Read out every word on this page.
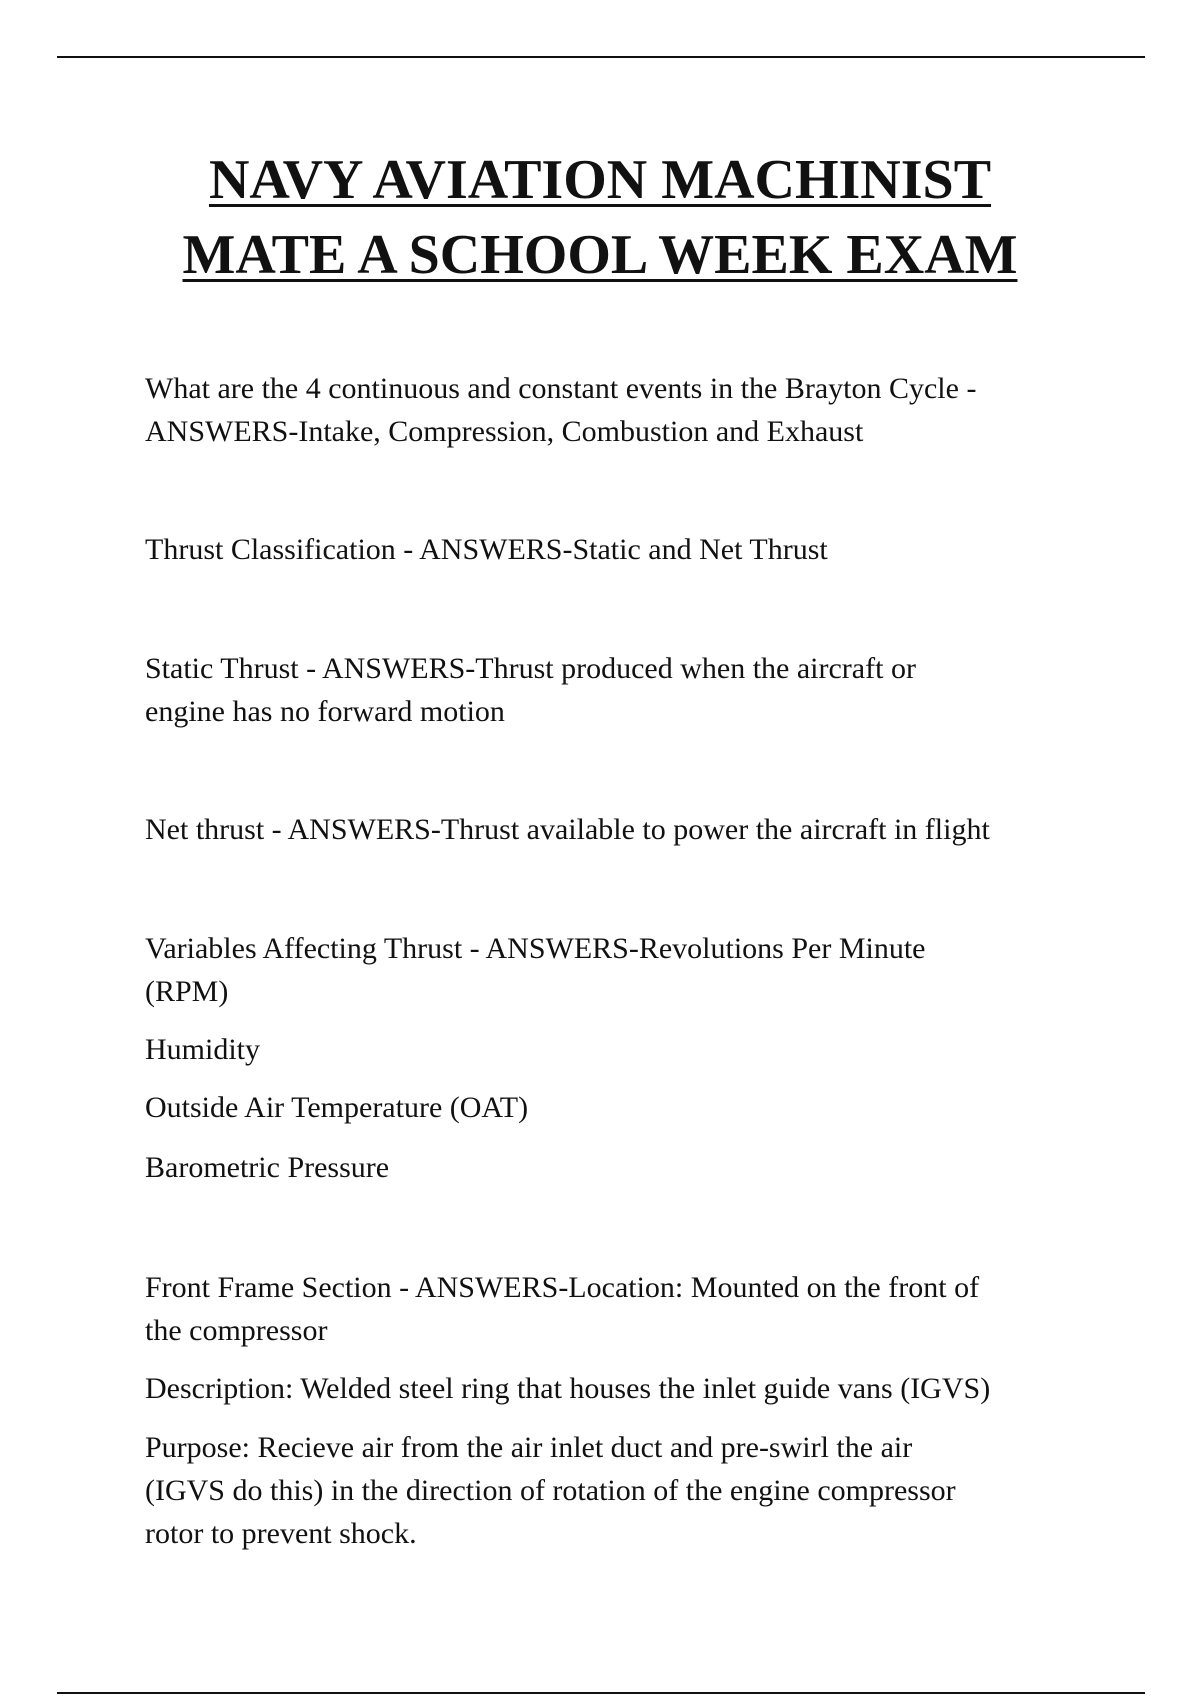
NAVY AVIATION MACHINIST
MATE A SCHOOL WEEK EXAM

What are the 4 continuous and constant events in the Brayton Cycle -
ANSWERS-Intake, Compression, Combustion and Exhaust

Thrust Classification - ANSWERS-Static and Net Thrust

Static Thrust - ANSWERS-Thrust produced when the aircraft or
engine has no forward motion

Net thrust - ANSWERS-Thrust available to power the aircraft in flight

Variables Affecting Thrust - ANSWERS-Revolutions Per Minute
(RPM)

Humidity

Outside Air Temperature (OAT)

Barometric Pressure

Front Frame Section - ANSWERS-Location: Mounted on the front of
the compressor

Description: Welded steel ring that houses the inlet guide vans (IGVS)

Purpose: Recieve air from the air inlet duct and pre-swirl the air
(IGVS do this) in the direction of rotation of the engine compressor
rotor to prevent shock.
